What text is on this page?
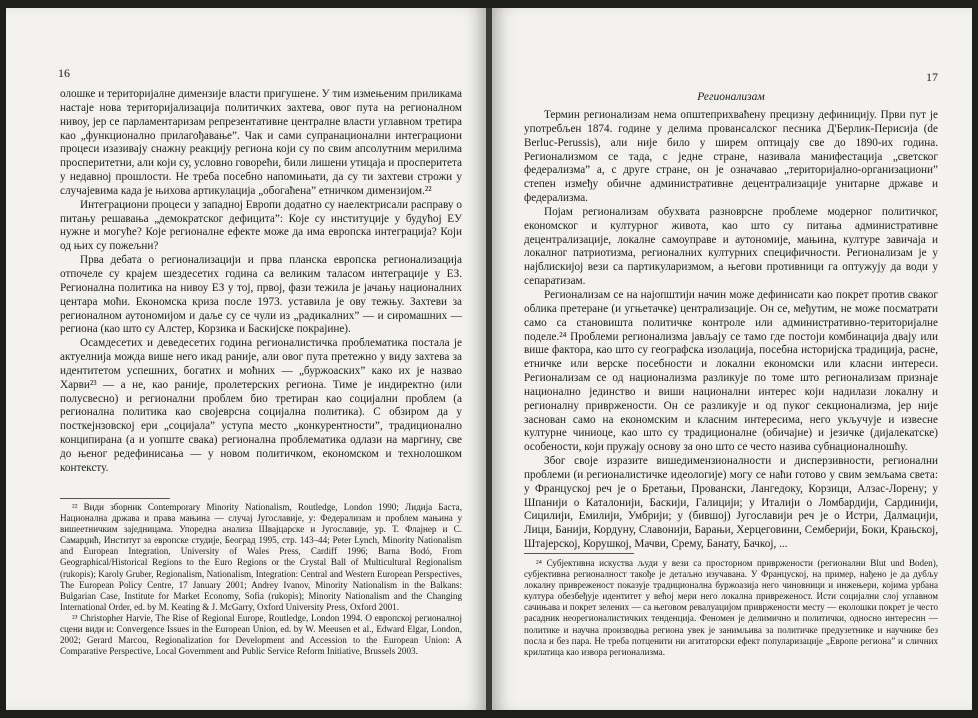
16

олошке и територијалне димензије власти пригушене. У тим измењеним приликама настаје нова територијализација политичких захтева, овог пута на регионалном нивоу, јер се парламентаризам репрезентативне централне власти углавном третира као „функционално прилагођавање”. Чак и сами супранационални интеграциони процеси изазивају снажну реакцију региона који су по свим апсолутним мерилима просперитетни, али који су, условно говорећи, били лишени утицаја и просперитета у недавној прошлости. Не треба посебно напомињати, да су ти захтеви строжи у случајевима када је њихова артикулација „обогаћена” етничком димензијом.²²

Интеграциони процеси у западној Европи додатно су наелектрисали расправу о питању решавања „демократског дефицита”: Које су институције у будућој ЕУ нужне и могуће? Које регионалне ефекте може да има европска интеграција? Који од њих су пожељни?

Прва дебата о регионализацији и прва планска европска регионализација отпочеле су крајем шездесетих година са великим таласом интеграције у ЕЗ. Регионална политика на нивоу ЕЗ у тој, првој, фази тежила је јачању националних центара моћи. Економска криза после 1973. уставила је ову тежњу. Захтеви за регионалном аутономијом и даље су се чули из „радикалних” — и сиромашних — региона (као што су Алстер, Корзика и Баскијске покрајине).

Осамдесетих и деведесетих година регионалистичка проблематика постала је актуелнија можда више него икад раније, али овог пута претежно у виду захтева за идентитетом успешних, богатих и моћних — „буржоаских” како их је назвао Харви²³ — а не, као раније, пролетерских региона. Тиме је индиректно (или полусвесно) и регионални проблем био третиран као социјални проблем (а регионална политика као својеврсна социјална политика). С обзиром да у посткејнзовској ери „социјала” уступа место „конкурентности”, традиционално конципирана (а и уопште свака) регионална проблематика одлази на маргину, све до њеног редефинисања — у новом политичком, економском и технолошком контексту.

²² Види зборник Contemporary Minority Nationalism, Routledge, London 1990; Лидија Баста, Национална држава и права мањина — случај Југославије, у: Федерализам и проблем мањина у вишеетничким заједницама. Упоредна анализа Швајцарске и Југославије, ур. Т. Флајнер и С. Самарџић, Институт за европске студије, Београд 1995, стр. 143–44; Peter Lynch, Minority Nationalism and European Integration, University of Wales Press, Cardiff 1996; Barna Bodó, From Geographical/Historical Regions to the Euro Regions or the Crystal Ball of Multicultural Regionalism (rukopis); Karoly Gruber, Regionalism, Nationalism, Integration: Central and Western European Perspectives, The European Policy Centre, 17 January 2001; Andrey Ivanov, Minority Nationalism in the Balkans: Bulgarian Case, Institute for Market Economy, Sofia (rukopis); Minority Nationalism and the Changing International Order, ed. by M. Keating & J. McGarry, Oxford University Press, Oxford 2001.

²³ Christopher Harvie, The Rise of Regional Europe, Routledge, London 1994. О европској регионалној сцени види и: Convergence Issues in the European Union, ed. by W. Meeusen et al., Edward Elgar, London, 2002; Gerard Marcou, Regionalization for Development and Accession to the European Union: A Comparative Perspective, Local Government and Public Service Reform Initiative, Brussels 2003.

17
Регионализам

Термин регионализам нема општеприхваћену прецизну дефиницију. Први пут је употребљен 1874. године у делима провансалског песника Д'Берлик-Перисија (de Berluc-Perussis), али није било у ширем оптицају све до 1890-их година. Регионализмом се тада, с једне стране, називала манифестација „светског федерализма” а, с друге стране, он је означавао „територијално-организациони” степен између обичне административне децентрализације унитарне државе и федерализма.

Појам регионализам обухвата разноврсне проблеме модерног политичког, економског и културног живота, као што су питања административне децентрализације, локалне самоуправе и аутономије, мањина, културе завичаја и локалног патриотизма, регионалних културних специфичности. Регионализам је у најблискијој вези са партикуларизмом, а његови противници га оптужују да води у сепаратизам.

Регионализам се на најопштији начин може дефинисати као покрет против сваког облика претеране (и угњетачке) централизације. Он се, међутим, не може посматрати само са становишта политичке контроле или административно-територијалне поделе.²⁴ Проблеми регионализма јављају се тамо где постоји комбинација двају или више фактора, као што су географска изолација, посебна историјска традиција, расне, етничке или верске посебности и локални економски или класни интереси. Регионализам се од национализма разликује по томе што регионализам признаје национално јединство и виши национални интерес који надилази локалну и регионалну привржености. Он се разликује и од пуког секционализма, јер није заснован само на економским и класним интересима, него укључује и извесне културне чиниоце, као што су традиционалне (обичајне) и језичке (дијалекатске) особености, који пружају основу за оно што се често назива субнационалношћу.

Због своје изразите вишедимензионалности и дисперзивности, регионални проблеми (и регионалистичке идеологије) могу се наћи готово у свим земљама света: у Француској реч је о Бретањи, Провански, Лангедоку, Корзици, Алзас-Лорену; у Шпанији о Каталонији, Баскији, Галицији; у Италији о Ломбардији, Сардинији, Сицилији, Емилији, Умбрији; у (бившој) Југославији реч је о Истри, Далмацији, Лици, Банији, Кордуну, Славонији, Барањи, Херцеговини, Семберији, Боки, Крањској, Штајерској, Корушкој, Мачви, Срему, Банату, Бачкој, ...

²⁴ Субјективна искуства људи у вези са просторном привржености (регионални Blut und Boden), субјективна регионалност такође је детаљно изучавана. У Француској, на пример, нађено је да дубљу локалну привреженост показује традиционална буржоазија него чиновници и инжењери, којима урбана култура обезбеђује идентитет у већој мери него локална привреженост. Исти социјални слој углавном сачињава и покрет зелених — са његовом ревалуацијом привржености месту — еколошки покрет је често расадник неорегионалистичких тенденција. Феномен је делимично и политички, односно интереснн — политике и научна производња региона увек је занимљива за политичке предузетнике и научнике без посла и без пара. Не треба потценити ни агитаторски ефект популаризације „Европе региона” и сличних крилатица као извора регионализма.
